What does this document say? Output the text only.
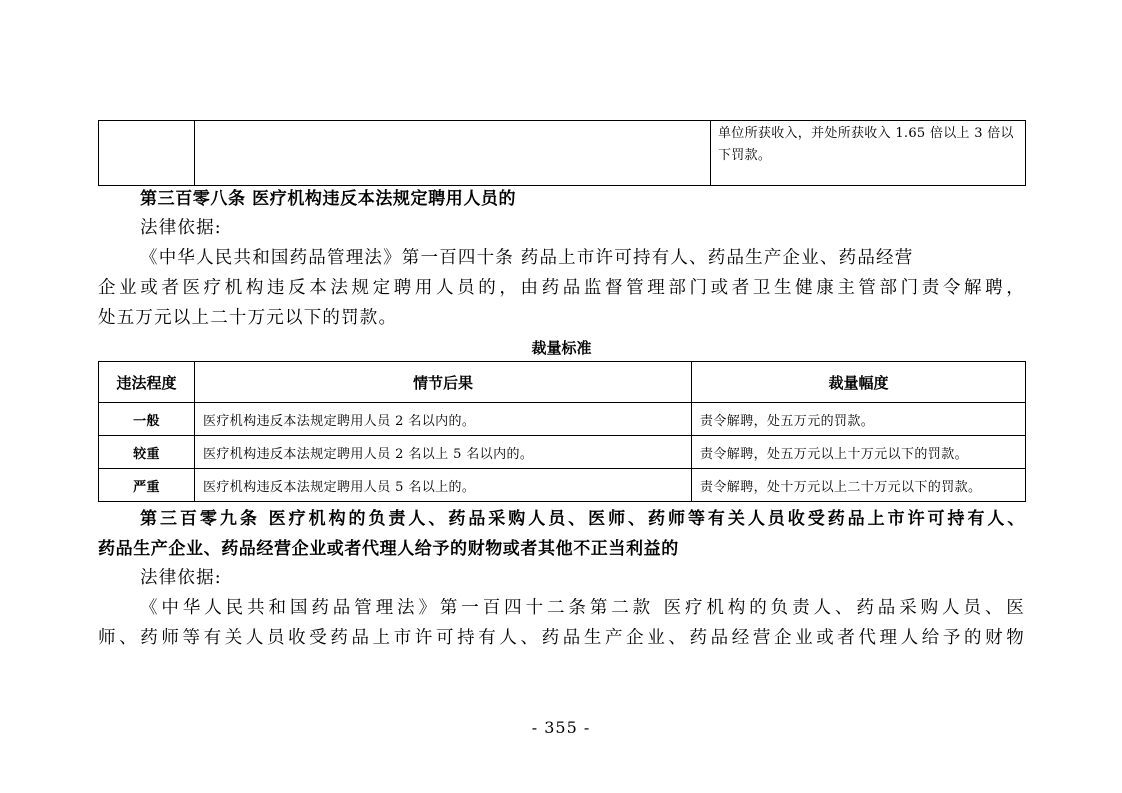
		单位所获收入，并处所获收入 1.65 倍以上 3 倍以下罚款。
第三百零八条 医疗机构违反本法规定聘用人员的
法律依据:
《中华人民共和国药品管理法》第一百四十条 药品上市许可持有人、药品生产企业、药品经营
企业或者医疗机构违反本法规定聘用人员的，由药品监督管理部门或者卫生健康主管部门责令解聘，
处五万元以上二十万元以下的罚款。
裁量标准
违法程度	情节后果	裁量幅度
一般	医疗机构违反本法规定聘用人员 2 名以内的。	责令解聘，处五万元的罚款。
较重	医疗机构违反本法规定聘用人员 2 名以上 5 名以内的。	责令解聘，处五万元以上十万元以下的罚款。
严重	医疗机构违反本法规定聘用人员 5 名以上的。	责令解聘，处十万元以上二十万元以下的罚款。
第三百零九条 医疗机构的负责人、药品采购人员、医师、药师等有关人员收受药品上市许可持有人、
药品生产企业、药品经营企业或者代理人给予的财物或者其他不正当利益的
法律依据:
《中华人民共和国药品管理法》第一百四十二条第二款 医疗机构的负责人、药品采购人员、医
师、药师等有关人员收受药品上市许可持有人、药品生产企业、药品经营企业或者代理人给予的财物
- 355 -
